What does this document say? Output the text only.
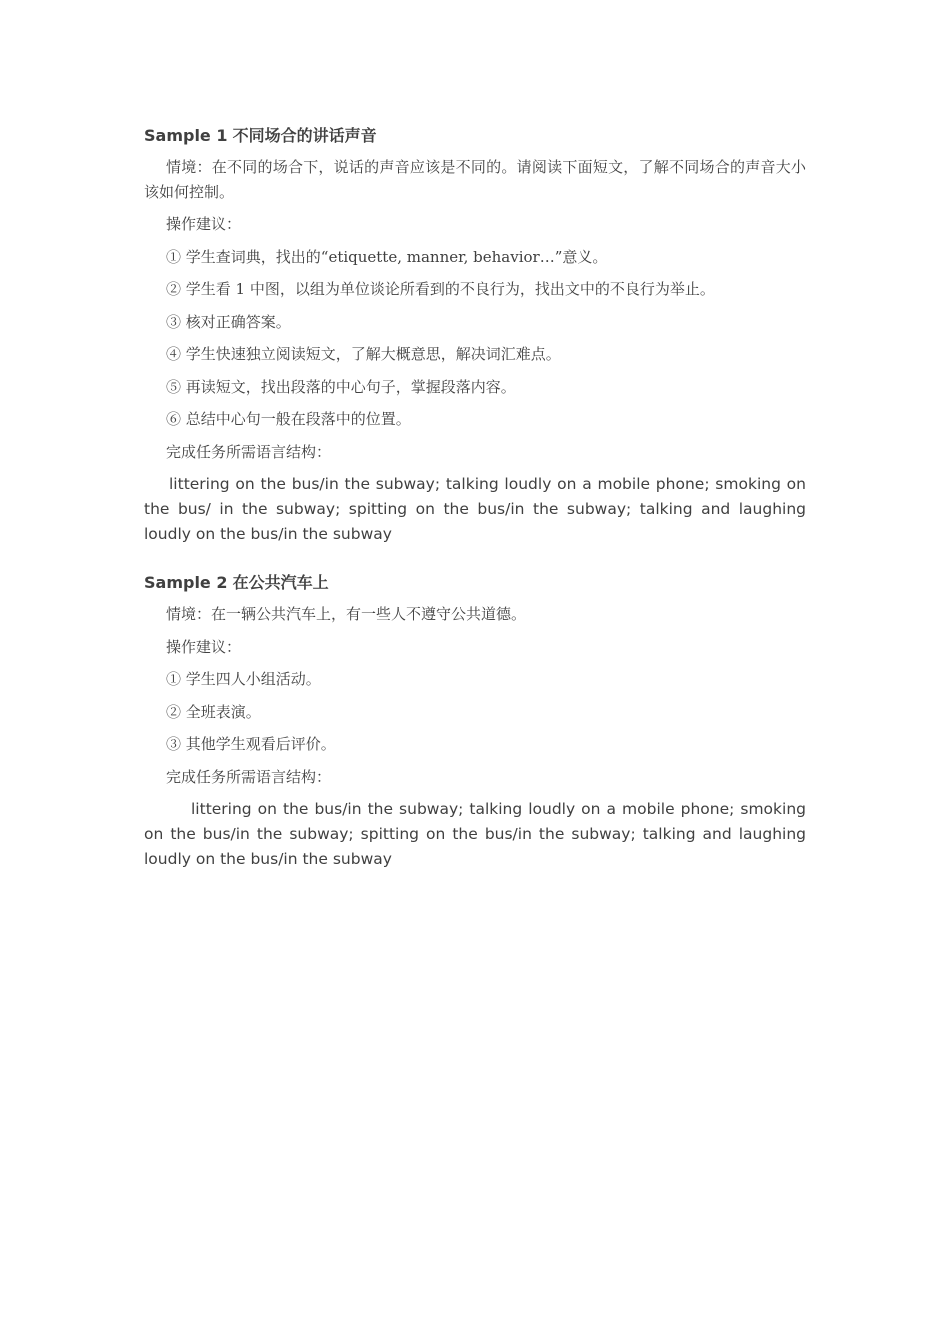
Sample 1 不同场合的讲话声音

情境：在不同的场合下，说话的声音应该是不同的。请阅读下面短文，了解不同场合的声音大小该如何控制。

操作建议：

① 学生查词典，找出的“etiquette, manner, behavior…”意义。

② 学生看 1 中图，以组为单位谈论所看到的不良行为，找出文中的不良行为举止。

③ 核对正确答案。

④ 学生快速独立阅读短文，了解大概意思，解决词汇难点。

⑤ 再读短文，找出段落的中心句子，掌握段落内容。

⑥ 总结中心句一般在段落中的位置。

完成任务所需语言结构：

littering on the bus/in the subway; talking loudly on a mobile phone; smoking on the bus/ in the subway; spitting on the bus/in the subway; talking and laughing loudly on the bus/in the subway

Sample 2 在公共汽车上

情境：在一辆公共汽车上，有一些人不遵守公共道德。

操作建议：

① 学生四人小组活动。

② 全班表演。

③ 其他学生观看后评价。

完成任务所需语言结构：

littering on the bus/in the subway; talking loudly on a mobile phone; smoking on the bus/in the subway; spitting on the bus/in the subway; talking and laughing loudly on the bus/in the subway
